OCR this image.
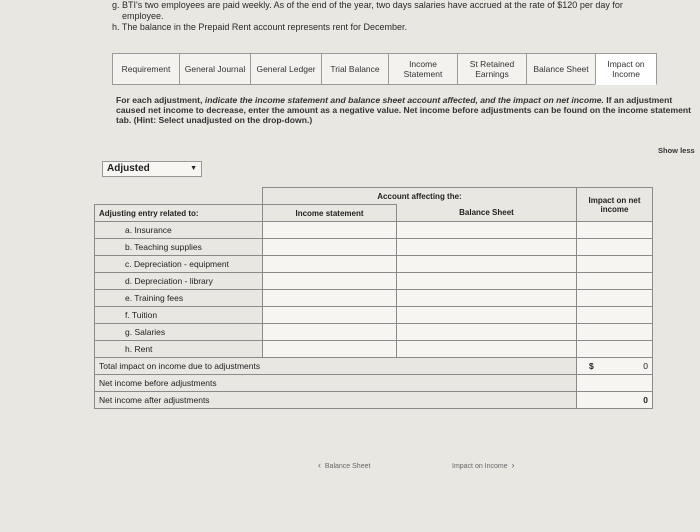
g. BTI's two employees are paid weekly. As of the end of the year, two days salaries have accrued at the rate of $120 per day for
employee.
h. The balance in the Prepaid Rent account represents rent for December.
Requirement	General Journal	General Ledger	Trial Balance	Income Statement
St Retained Earnings	Balance Sheet	Impact on Income
For each adjustment, indicate the income statement and balance sheet account affected, and the impact on net income. If an adjustment caused net income to decrease, enter the amount as a negative value. Net income before adjustments can be found on the income statement tab. (Hint: Select unadjusted on the drop-down.)
Show less
Adjusted	▼
	Account affecting the:		Impact on net income
Adjusting entry related to:	Income statement	Balance Sheet	
a. Insurance			
b. Teaching supplies			
c. Depreciation - equipment			
d. Depreciation - library			
e. Training fees			
f. Tuition			
g. Salaries			
h. Rent			
Total impact on income due to adjustments			$ 0

Net income before adjustments			
Net income after adjustments			0
‹ Balance Sheet	Impact on Income ›
